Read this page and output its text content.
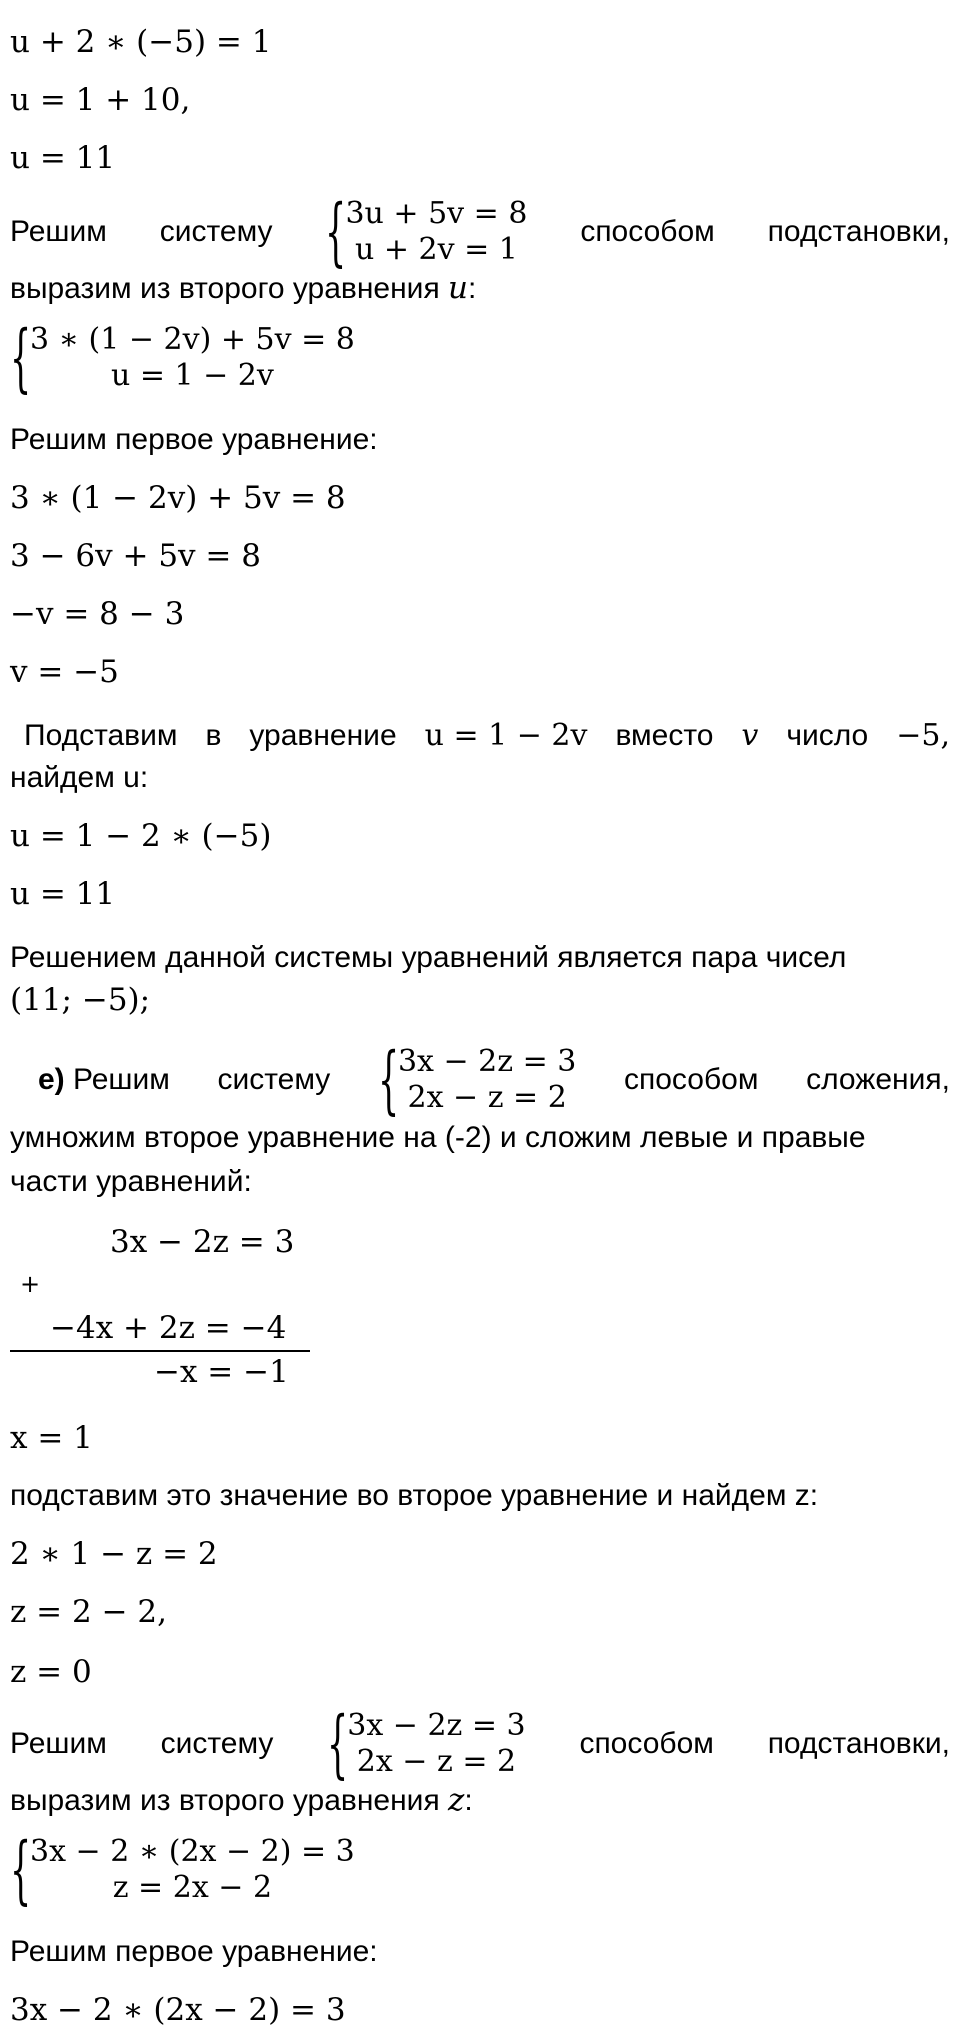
u + 2 ∗ (−5) = 1
u = 1 + 10,
u = 11
Решим систему {
3u + 5v = 8
u + 2v = 1
способом подстановки,
выразим из второго уравнения u:
{
3 ∗ (1 − 2v) + 5v = 8
u = 1 − 2v
Решим первое уравнение:
3 ∗ (1 − 2v) + 5v = 8
3 − 6v + 5v = 8
−v = 8 − 3
v = −5
Подставим в уравнение u = 1 − 2v вместо v число −5,
найдем u:
u = 1 − 2 ∗ (−5)
u = 11
Решением данной системы уравнений является пара чисел
(11; −5);
е) Решим систему {
3x − 2z = 3
2x − z = 2
способом сложения,
умножим второе уравнение на (-2) и сложим левые и правые
части уравнений:
3x − 2z = 3
+
−4x + 2z = −4
−x = −1
x = 1
подставим это значение во второе уравнение и найдем z:
2 ∗ 1 − z = 2
z = 2 − 2,
z = 0
Решим систему {
3x − 2z = 3
2x − z = 2
способом подстановки,
выразим из второго уравнения z:
{
3x − 2 ∗ (2x − 2) = 3
z = 2x − 2
Решим первое уравнение:
3x − 2 ∗ (2x − 2) = 3
